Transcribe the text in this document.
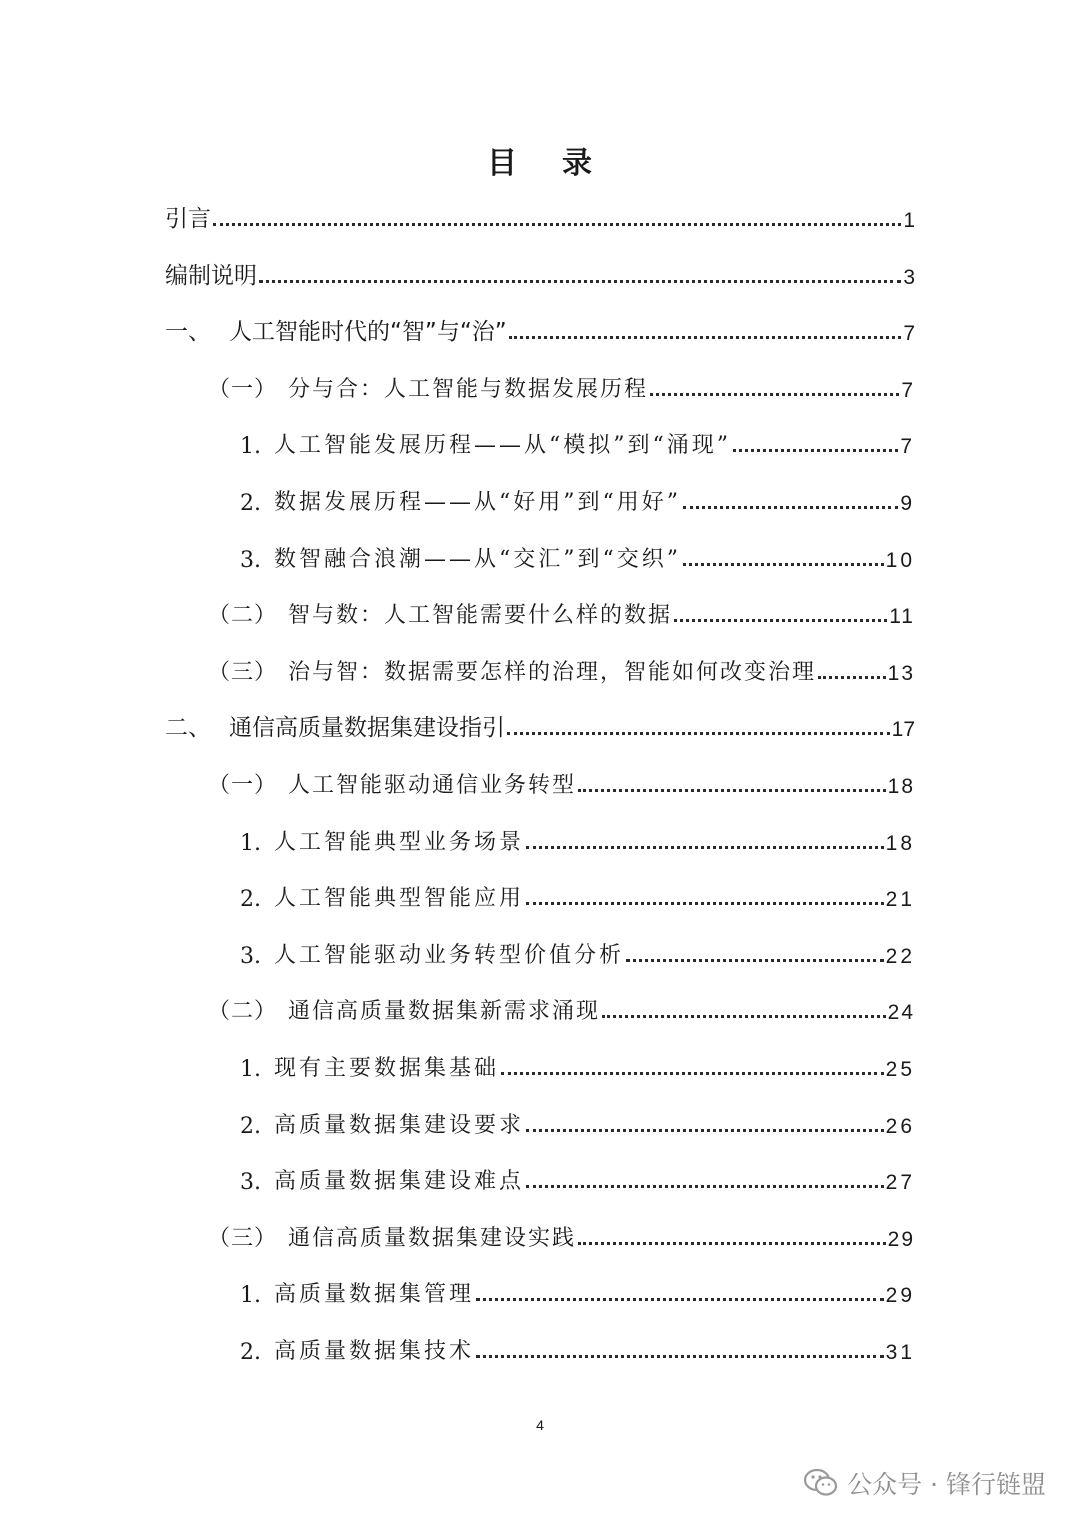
目 录
引言	1
编制说明	3
一、 人工智能时代的“智”与“治”	7
（一） 分与合：人工智能与数据发展历程	7
1. 人工智能发展历程——从“模拟”到“涌现”	7
2. 数据发展历程——从“好用”到“用好”	9
3. 数智融合浪潮——从“交汇”到“交织”	10
（二） 智与数：人工智能需要什么样的数据	11
（三） 治与智：数据需要怎样的治理，智能如何改变治理	13
二、 通信高质量数据集建设指引	17
（一） 人工智能驱动通信业务转型	18
1. 人工智能典型业务场景	18
2. 人工智能典型智能应用	21
3. 人工智能驱动业务转型价值分析	22
（二） 通信高质量数据集新需求涌现	24
1. 现有主要数据集基础	25
2. 高质量数据集建设要求	26
3. 高质量数据集建设难点	27
（三） 通信高质量数据集建设实践	29
1. 高质量数据集管理	29
2. 高质量数据集技术	31
4
公众号 · 锋行链盟
